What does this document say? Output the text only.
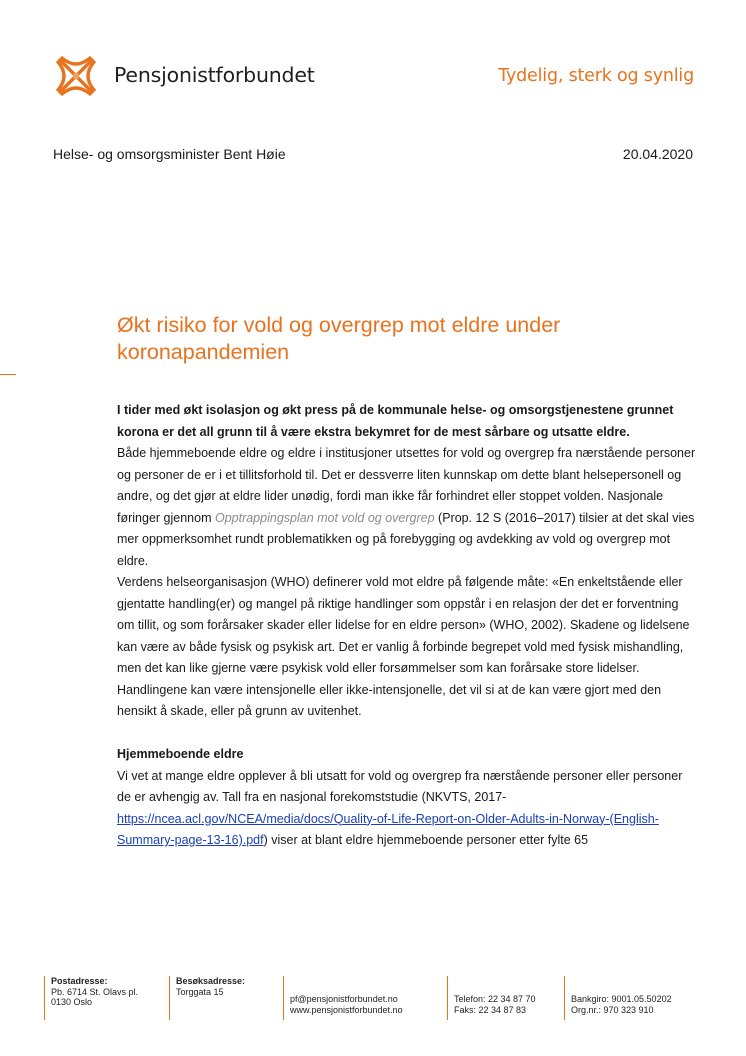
Pensjonistforbundet	Tydelig, sterk og synlig
Helse- og omsorgsminister Bent Høie	20.04.2020
Økt risiko for vold og overgrep mot eldre under koronapandemien

I tider med økt isolasjon og økt press på de kommunale helse- og omsorgstjenestene grunnet korona er det all grunn til å være ekstra bekymret for de mest sårbare og utsatte eldre.

Både hjemmeboende eldre og eldre i institusjoner utsettes for vold og overgrep fra nærstående personer og personer de er i et tillitsforhold til. Det er dessverre liten kunnskap om dette blant helsepersonell og andre, og det gjør at eldre lider unødig, fordi man ikke får forhindret eller stoppet volden. Nasjonale føringer gjennom Opptrappingsplan mot vold og overgrep (Prop. 12 S (2016–2017) tilsier at det skal vies mer oppmerksomhet rundt problematikken og på forebygging og avdekking av vold og overgrep mot eldre.

Verdens helseorganisasjon (WHO) definerer vold mot eldre på følgende måte: «En enkeltstående eller gjentatte handling(er) og mangel på riktige handlinger som oppstår i en relasjon der det er forventning om tillit, og som forårsaker skader eller lidelse for en eldre person» (WHO, 2002). Skadene og lidelsene kan være av både fysisk og psykisk art. Det er vanlig å forbinde begrepet vold med fysisk mishandling, men det kan like gjerne være psykisk vold eller forsømmelser som kan forårsake store lidelser. Handlingene kan være intensjonelle eller ikke-intensjonelle, det vil si at de kan være gjort med den hensikt å skade, eller på grunn av uvitenhet.

Hjemmeboende eldre

Vi vet at mange eldre opplever å bli utsatt for vold og overgrep fra nærstående personer eller personer de er avhengig av. Tall fra en nasjonal forekomststudie (NKVTS, 2017-https://ncea.acl.gov/NCEA/media/docs/Quality-of-Life-Report-on-Older-Adults-in-Norway-(English-Summary-page-13-16).pdf) viser at blant eldre hjemmeboende personer etter fylte 65

Postadresse:
Pb. 6714 St. Olavs pl.
0130 Oslo
Besøksadresse:
Torggata 15
pf@pensjonistforbundet.no
www.pensjonistforbundet.no
Telefon: 22 34 87 70
Faks: 22 34 87 83
Bankgiro: 9001.05.50202
Org.nr.: 970 323 910
